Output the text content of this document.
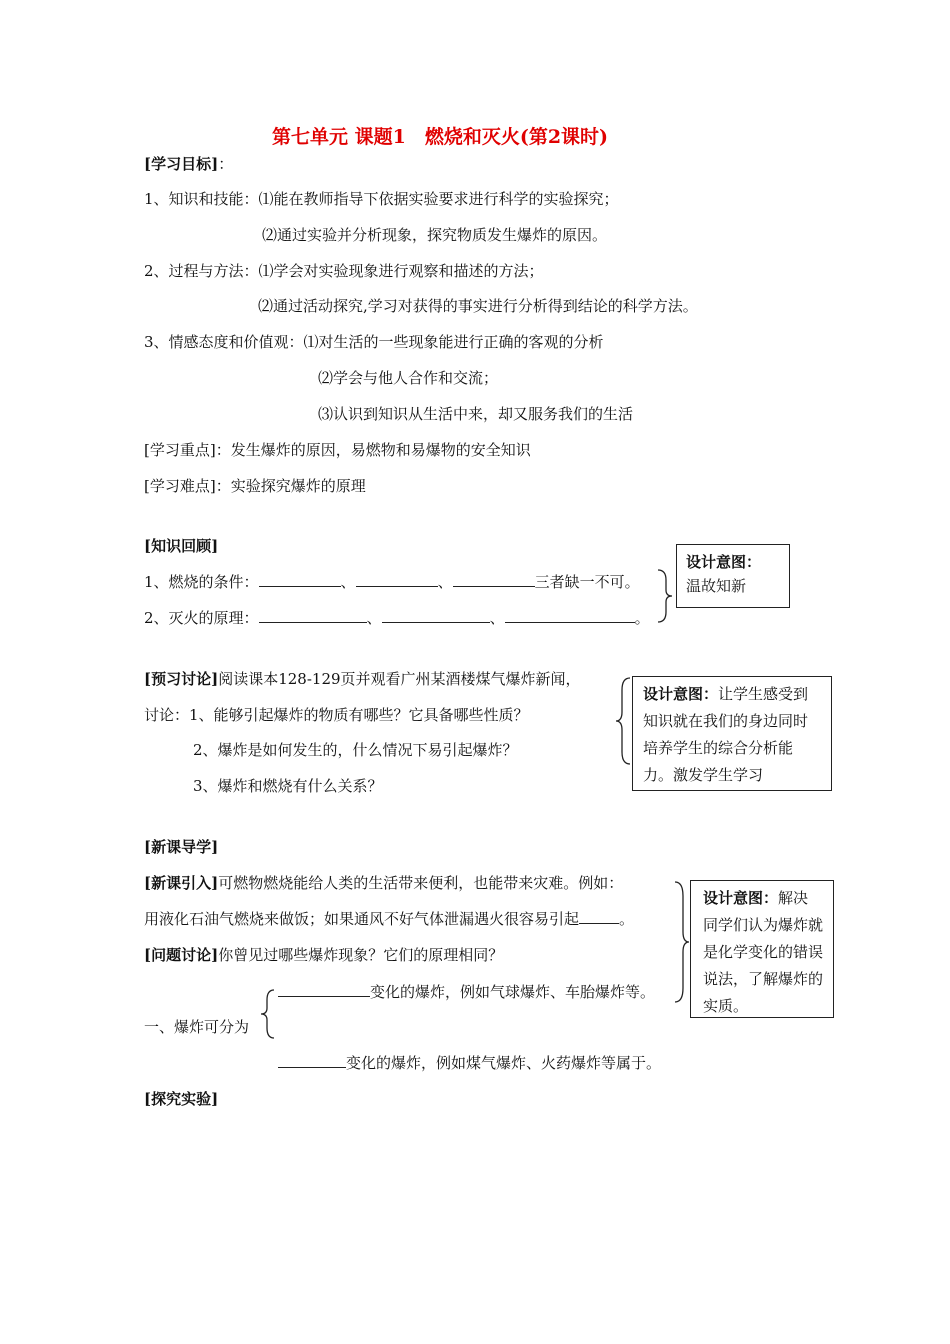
第七单元 课题1　燃烧和灭火(第2课时)
[学习目标]：
1、知识和技能：⑴能在教师指导下依据实验要求进行科学的实验探究；
⑵通过实验并分析现象，探究物质发生爆炸的原因。
2、过程与方法：⑴学会对实验现象进行观察和描述的方法；
⑵通过活动探究,学习对获得的事实进行分析得到结论的科学方法。
3、情感态度和价值观：⑴对生活的一些现象能进行正确的客观的分析
⑵学会与他人合作和交流；
⑶认识到知识从生活中来，却又服务我们的生活
[学习重点]：发生爆炸的原因，易燃物和易爆物的安全知识
[学习难点]：实验探究爆炸的原理
[知识回顾]
1、燃烧的条件：	、	、	三者缺一不可。
2、灭火的原理：	、	、	。
设计意图：
温故知新
[预习讨论]阅读课本128-129页并观看广州某酒楼煤气爆炸新闻，
讨论：1、能够引起爆炸的物质有哪些？它具备哪些性质？
2、爆炸是如何发生的，什么情况下易引起爆炸？
3、爆炸和燃烧有什么关系？
设计意图：让学生感受到知识就在我们的身边同时培养学生的综合分析能力。激发学生学习
[新课导学]
[新课引入]可燃物燃烧能给人类的生活带来便利，也能带来灾难。例如：
用液化石油气燃烧来做饭；如果通风不好气体泄漏遇火很容易引起	。
[问题讨论]你曾见过哪些爆炸现象？它们的原理相同？
变化的爆炸，例如气球爆炸、车胎爆炸等。
一、爆炸可分为
变化的爆炸，例如煤气爆炸、火药爆炸等属于。
设计意图：解决同学们认为爆炸就是化学变化的错误说法，了解爆炸的实质。
[探究实验]
